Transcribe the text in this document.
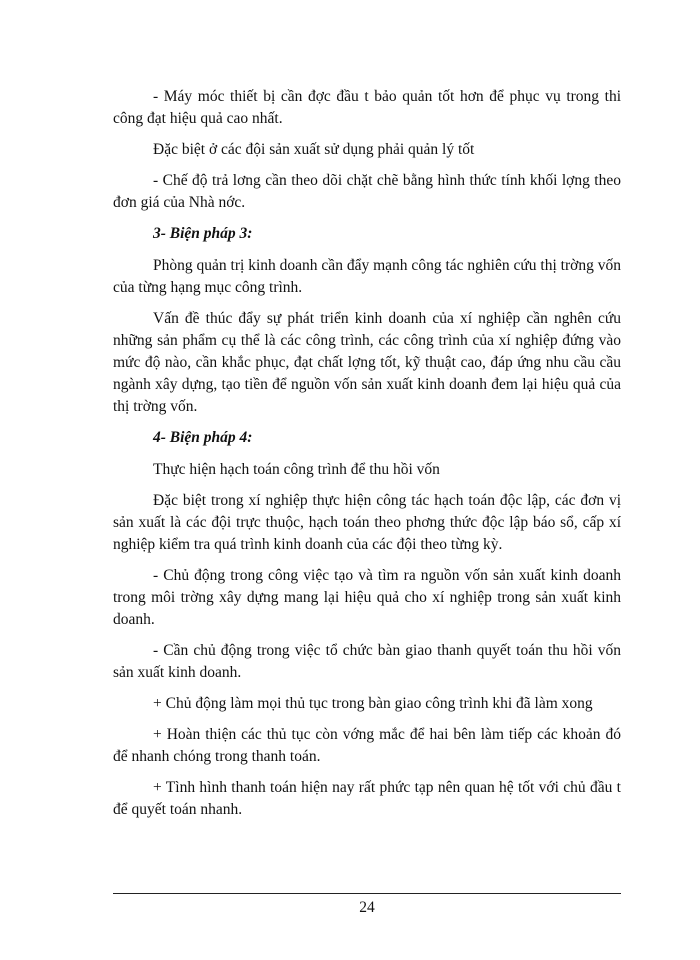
- Máy móc thiết bị cần đợc đầu t bảo quản tốt hơn để phục vụ trong thi công đạt hiệu quả cao nhất.

Đặc biệt ở các đội sản xuất sử dụng phải quản lý tốt

- Chế độ trả lơng cần theo dõi chặt chẽ bằng hình thức tính khối lợng theo đơn giá của Nhà nớc.

3- Biện pháp 3:

Phòng quản trị kinh doanh cần đẩy mạnh công tác nghiên cứu thị trờng vốn của từng hạng mục công trình.

Vấn đề thúc đẩy sự phát triển kinh doanh của xí nghiệp cần nghên cứu những sản phẩm cụ thể là các công trình, các công trình của xí nghiệp đứng vào mức độ nào, cần khắc phục, đạt chất lợng tốt, kỹ thuật cao, đáp ứng nhu cầu cầu ngành xây dựng, tạo tiền để nguồn vốn sản xuất kinh doanh đem lại hiệu quả của thị trờng vốn.

4- Biện pháp 4:

Thực hiện hạch toán công trình để thu hồi vốn

Đặc biệt trong xí nghiệp thực hiện công tác hạch toán độc lập, các đơn vị sản xuất là các đội trực thuộc, hạch toán theo phơng thức độc lập báo sổ, cấp xí nghiệp kiểm tra quá trình kinh doanh của các đội theo từng kỳ.

- Chủ động trong công việc tạo và tìm ra nguồn vốn sản xuất kinh doanh trong môi trờng xây dựng mang lại hiệu quả cho xí nghiệp trong sản xuất kinh doanh.

- Cần chủ động trong việc tổ chức bàn giao thanh quyết toán thu hồi vốn sản xuất kinh doanh.

+ Chủ động làm mọi thủ tục trong bàn giao công trình khi đã làm xong

+ Hoàn thiện các thủ tục còn vớng mắc để hai bên làm tiếp các khoản đó để nhanh chóng trong thanh toán.

+ Tình hình thanh toán hiện nay rất phức tạp nên quan hệ tốt với chủ đầu t để quyết toán nhanh.

24
